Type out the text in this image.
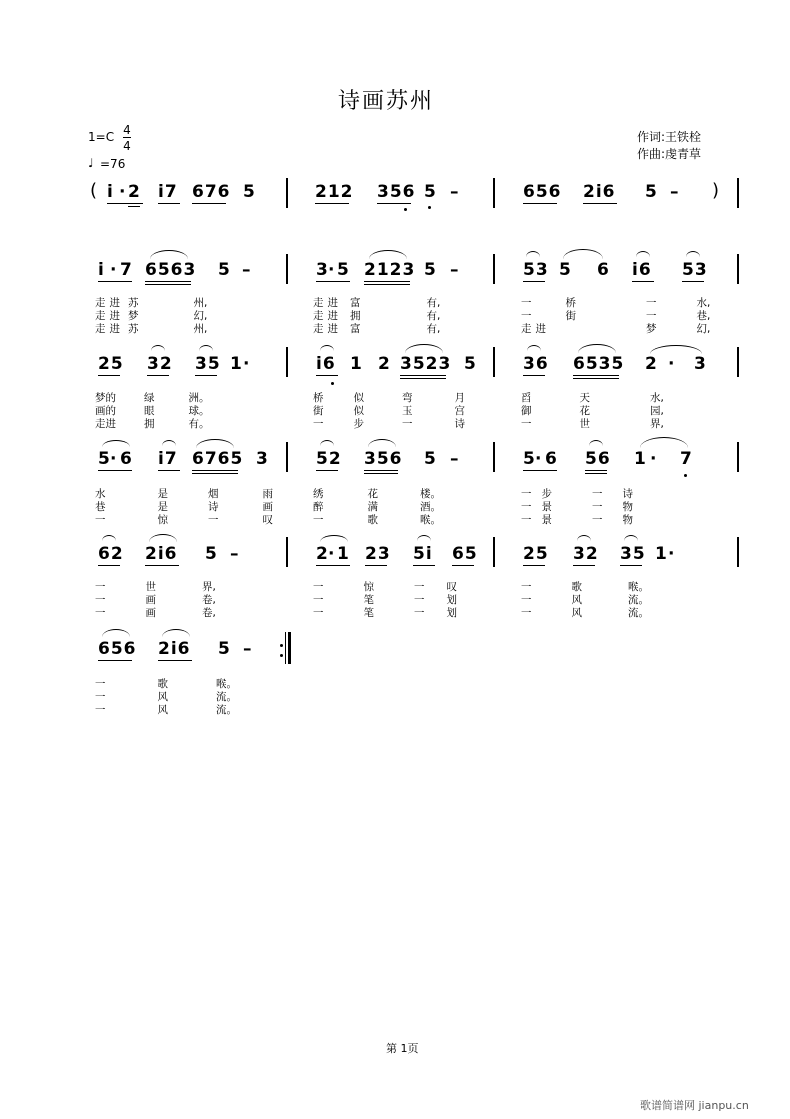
诗画苏州
1=C 4
4
♩ =76
作词:王铁栓
作曲:虔青草
( i · 2 i7 676 5	212 356 5 –	656 2i6 5 – )
i · 7 6563 5 –	3 · 5 2123 5 –	53 5 6 i6 53
走 进 苏	州,	走 进 富	有,	一	桥	一	水,
走 进 梦	幻,	走 进 拥	有,	一	街	一	巷,
走 进 苏	州,	走 进 富	有,	走 进	梦	幻,
25 32 35 1 ·	i6 1 2 3523 5	36 6535 2 · 3
梦的	绿	洲。	桥	似	弯	月	舀	天	水,
画的	眼	球。	街	似	玉	宫	御	花	园,
走进	拥	有。	一	步	一	诗	一	世	界,
5 · 6 i7 6765 3	52 356 5 –	5 · 6 56 1 · 7
水	是	烟	雨	绣	花	楼。	一 步	一 诗
巷	是	诗	画	醉	满	酒。	一 景	一 物
一	惊	一	叹	一	歌	喉。	一 景	一 物
62 2i6 5 –	2 · 1 23 5i 65	25 32 35 1 ·
一	世	界,	一	惊	一 叹	一	歌	喉。
一	画	卷,	一	笔	一 划	一	风	流。
一	画	卷,	一	笔	一 划	一	风	流。
656 2i6 5 –
一	歌	喉。
一	风	流。
一	风	流。
第 1页
歌谱简谱网 jianpu.cn
